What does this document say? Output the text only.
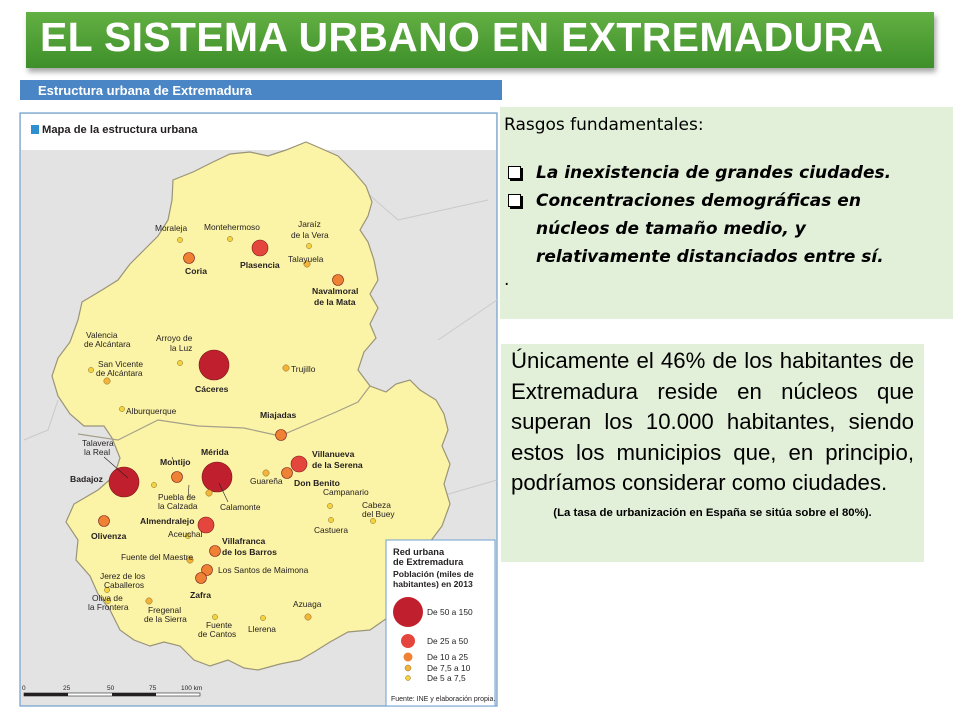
EL SISTEMA URBANO EN EXTREMADURA
Estructura urbana de Extremadura
Mapa de la estructura urbana
Moraleja Montehermoso	Jaraíz
de la Vera
Talayuela
Coria
Plasencia
Navalmoral
de la Mata
Valencia
de Alcántara
Arroyo de
la Luz
San Vicente
de Alcántara
Cáceres
Trujillo
Alburquerque	Miajadas
Talavera
la Real	Mérida
Montijo
Villanueva
de la Serena
Badajoz	Guareña Don Benito
Puebla de
la Calzada	Calamonte
Campanario
Cabeza
del Buey
Almendralejo
Olivenza	Aceuchal	Castuera
Villafranca
de los Barros
Fuente del Maestre
Los Santos de Maimona
Jerez de los
Caballeros
Zafra
Oliva de
la Frontera Fregenal
de la Sierra
Azuaga
Fuente
de Cantos Llerena
Red urbana
de Extremadura
Población (miles de
habitantes) en 2013
De 50 a 150
De 25 a 50
De 10 a 25
De 7,5 a 10
De 5 a 7,5
Fuente: INE y elaboración propia.
0	25	50	75	100 km
Rasgos fundamentales:
La inexistencia de grandes ciudades.
Concentraciones demográficas en
núcleos de tamaño medio, y
relativamente distanciados entre sí.
.
Únicamente el 46% de los habitantes de Extremadura reside en núcleos que superan los 10.000 habitantes, siendo estos los municipios que, en principio, podríamos considerar como ciudades.
(La tasa de urbanización en España se sitúa sobre el 80%).
